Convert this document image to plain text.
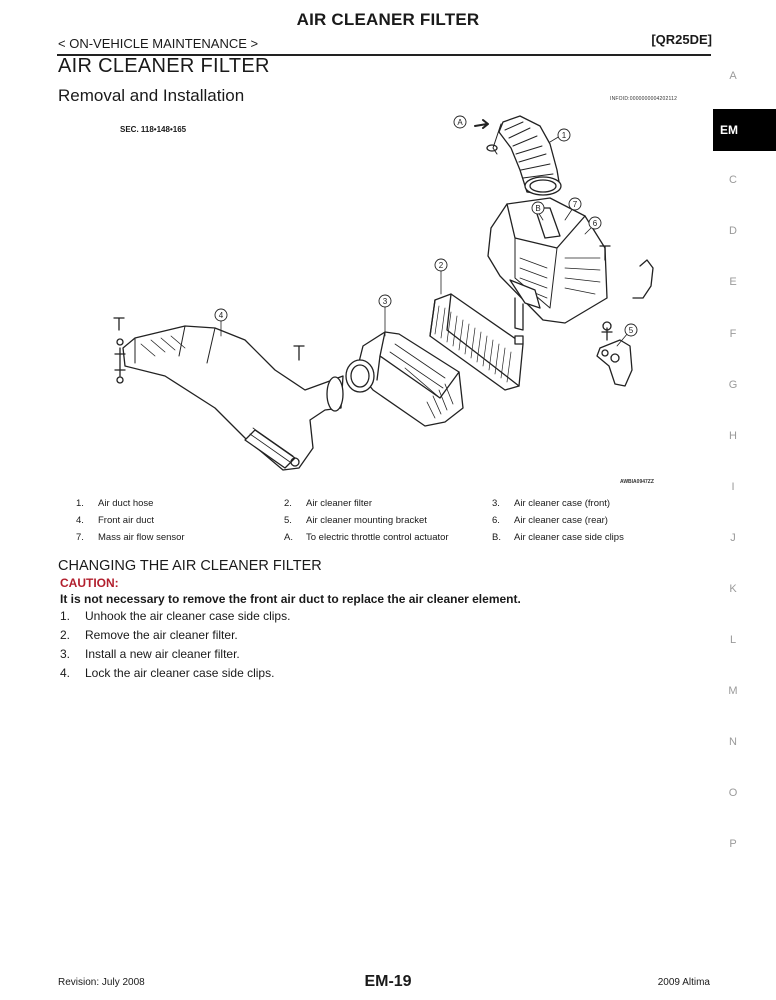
AIR CLEANER FILTER
< ON-VEHICLE MAINTENANCE >	[QR25DE]
AIR CLEANER FILTER
Removal and Installation	INFOID:0000000004202112
SEC. 118•148•165
1
2
3
4
5
6
7
A
B
AWBIA0947ZZ
1. Air duct hose	2. Air cleaner filter	3. Air cleaner case (front)
4. Front air duct	5. Air cleaner mounting bracket	6. Air cleaner case (rear)
7. Mass air flow sensor	A. To electric throttle control actuator	B. Air cleaner case side clips
CHANGING THE AIR CLEANER FILTER
CAUTION:
It is not necessary to remove the front air duct to replace the air cleaner element.
1. Unhook the air cleaner case side clips.
2. Remove the air cleaner filter.
3. Install a new air cleaner filter.
4. Lock the air cleaner case side clips.
A
EM
C
D
E
F
G
H
I
J
K
L
M
N
O
P
Revision: July 2008	EM-19	2009 Altima
